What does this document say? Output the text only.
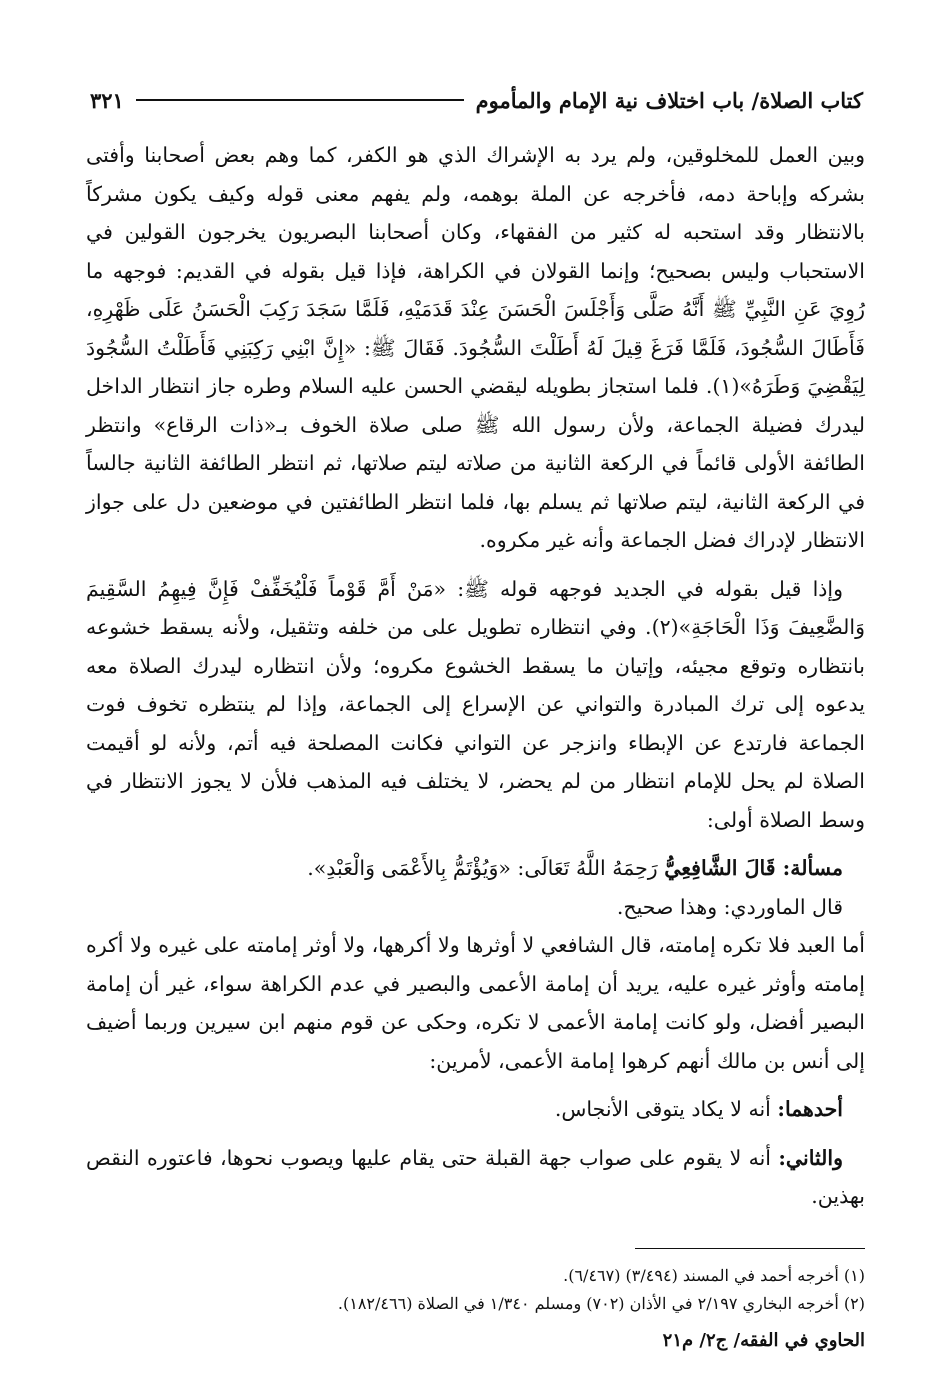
كتاب الصلاة/ باب اختلاف نية الإمام والمأموم
٣٢١

وبين العمل للمخلوقين، ولم يرد به الإشراك الذي هو الكفر، كما وهم بعض أصحابنا وأفتى بشركه وإباحة دمه، فأخرجه عن الملة بوهمه، ولم يفهم معنى قوله وكيف يكون مشركاً بالانتظار وقد استحبه له كثير من الفقهاء، وكان أصحابنا البصريون يخرجون القولين في الاستحباب وليس بصحيح؛ وإنما القولان في الكراهة، فإذا قيل بقوله في القديم: فوجهه ما رُوِيَ عَنِ النَّبِيِّ ﷺ أَنَّهُ صَلَّى وَأَجْلَسَ الْحَسَنَ عِنْدَ قَدَمَيْهِ، فَلَمَّا سَجَدَ رَكِبَ الْحَسَنُ عَلَى ظَهْرِهِ، فَأَطَالَ السُّجُودَ، فَلَمَّا فَرَغَ قِيلَ لَهُ أَطَلْتَ السُّجُودَ. فَقَالَ ﷺ: «إِنَّ ابْنِي رَكِبَنِي فَأَطَلْتُ السُّجُودَ لِيَقْضِيَ وَطَرَهُ»(١). فلما استجاز بطويله ليقضي الحسن عليه السلام وطره جاز انتظار الداخل ليدرك فضيلة الجماعة، ولأن رسول الله ﷺ صلى صلاة الخوف بـ«ذات الرقاع» وانتظر الطائفة الأولى قائماً في الركعة الثانية من صلاته ليتم صلاتها، ثم انتظر الطائفة الثانية جالساً في الركعة الثانية، ليتم صلاتها ثم يسلم بها، فلما انتظر الطائفتين في موضعين دل على جواز الانتظار لإدراك فضل الجماعة وأنه غير مكروه.

وإذا قيل بقوله في الجديد فوجهه قوله ﷺ: «مَنْ أَمَّ قَوْماً فَلْيُخَفِّفْ فَإِنَّ فِيهِمُ السَّقِيمَ وَالضَّعِيفَ وَذَا الْحَاجَةِ»(٢). وفي انتظاره تطويل على من خلفه وتثقيل، ولأنه يسقط خشوعه بانتظاره وتوقع مجيئه، وإتيان ما يسقط الخشوع مكروه؛ ولأن انتظاره ليدرك الصلاة معه يدعوه إلى ترك المبادرة والتواني عن الإسراع إلى الجماعة، وإذا لم ينتظره تخوف فوت الجماعة فارتدع عن الإبطاء وانزجر عن التواني فكانت المصلحة فيه أتم، ولأنه لو أقيمت الصلاة لم يحل للإمام انتظار من لم يحضر، لا يختلف فيه المذهب فلأن لا يجوز الانتظار في وسط الصلاة أولى:

مسألة: قَالَ الشَّافِعِيُّ رَحِمَهُ اللَّهُ تَعَالَى: «وَيُؤْتَمُّ بِالأَعْمَى وَالْعَبْدِ».

قال الماوردي: وهذا صحيح.

أما العبد فلا تكره إمامته، قال الشافعي لا أوثرها ولا أكرهها، ولا أوثر إمامته على غيره ولا أكره إمامته وأوثر غيره عليه، يريد أن إمامة الأعمى والبصير في عدم الكراهة سواء، غير أن إمامة البصير أفضل، ولو كانت إمامة الأعمى لا تكره، وحكى عن قوم منهم ابن سيرين وربما أضيف إلى أنس بن مالك أنهم كرهوا إمامة الأعمى، لأمرين:

أحدهما: أنه لا يكاد يتوقى الأنجاس.

والثاني: أنه لا يقوم على صواب جهة القبلة حتى يقام عليها ويصوب نحوها، فاعتوره النقص بهذين.

(١) أخرجه أحمد في المسند (٣/٤٩٤) (٦/٤٦٧).

(٢) أخرجه البخاري ٢/١٩٧ في الأذان (٧٠٢) ومسلم ١/٣٤٠ في الصلاة (١٨٢/٤٦٦).

الحاوي في الفقه/ ج٢/ م٢١
